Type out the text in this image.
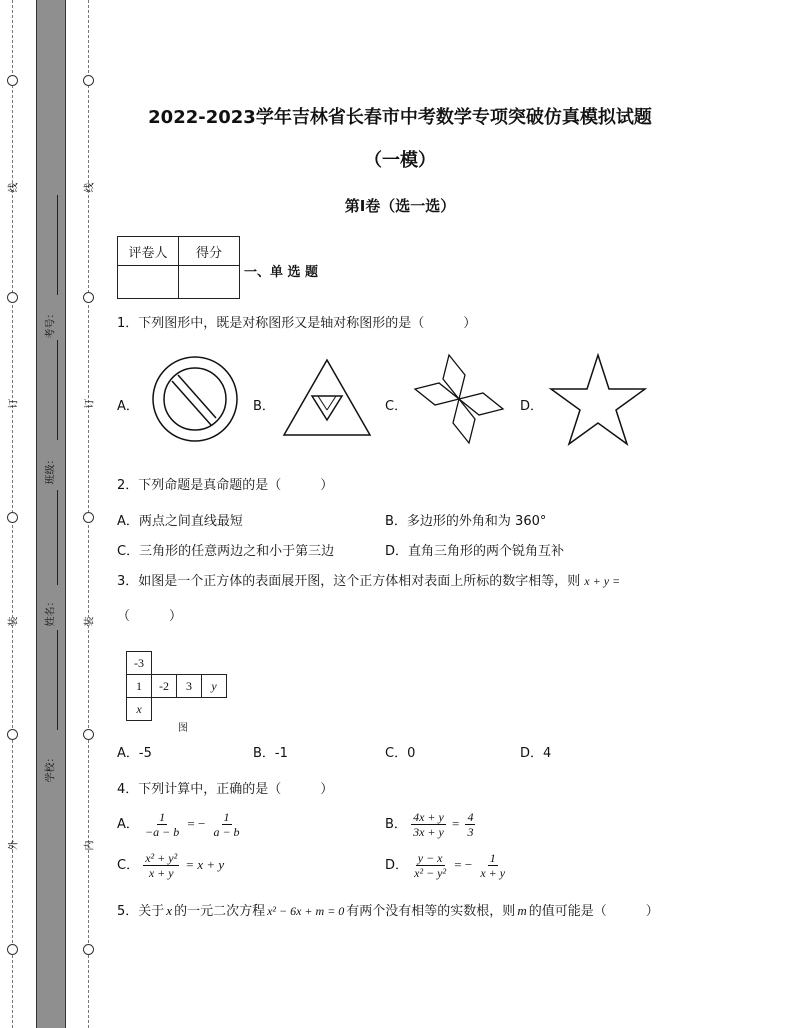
线
订
装
外
线
订
装
内
考号：
班级：
姓名：
学校：
2022-2023学年吉林省长春市中考数学专项突破仿真模拟试题
（一模）
第I卷（选一选）
评卷人	得分

一、单 选 题
1．下列图形中，既是对称图形又是轴对称图形的是（　　　）
A．	B．	C．	D．
2．下列命题是真命题的是（　　　）
A．两点之间直线最短	B．多边形的外角和为 360°
C．三角形的任意两边之和小于第三边	D．直角三角形的两个锐角互补
3．如图是一个正方体的表面展开图，这个正方体相对表面上所标的数字相等，则 x + y =
（　　　）
-3			
1	-2	3	y
x			
图
A．-5	B．-1	C．0	D．4
4．下列计算中，正确的是（　　　）
A． $\frac{1}{-a - b}$ = − $\frac{1}{a - b}$	B． $\frac{4x + y}{3x + y} = \frac{4}{3}$
C． $\frac{\text{x² + y²}}{x + y} = x + y$	D． $\frac{y - x}{\text{x² − y²}}$ = − $\frac{1}{x + y}$
5．关于 x 的一元二次方程 x² − 6x + m = 0 有两个没有相等的实数根，则 m 的值可能是（　　　）
